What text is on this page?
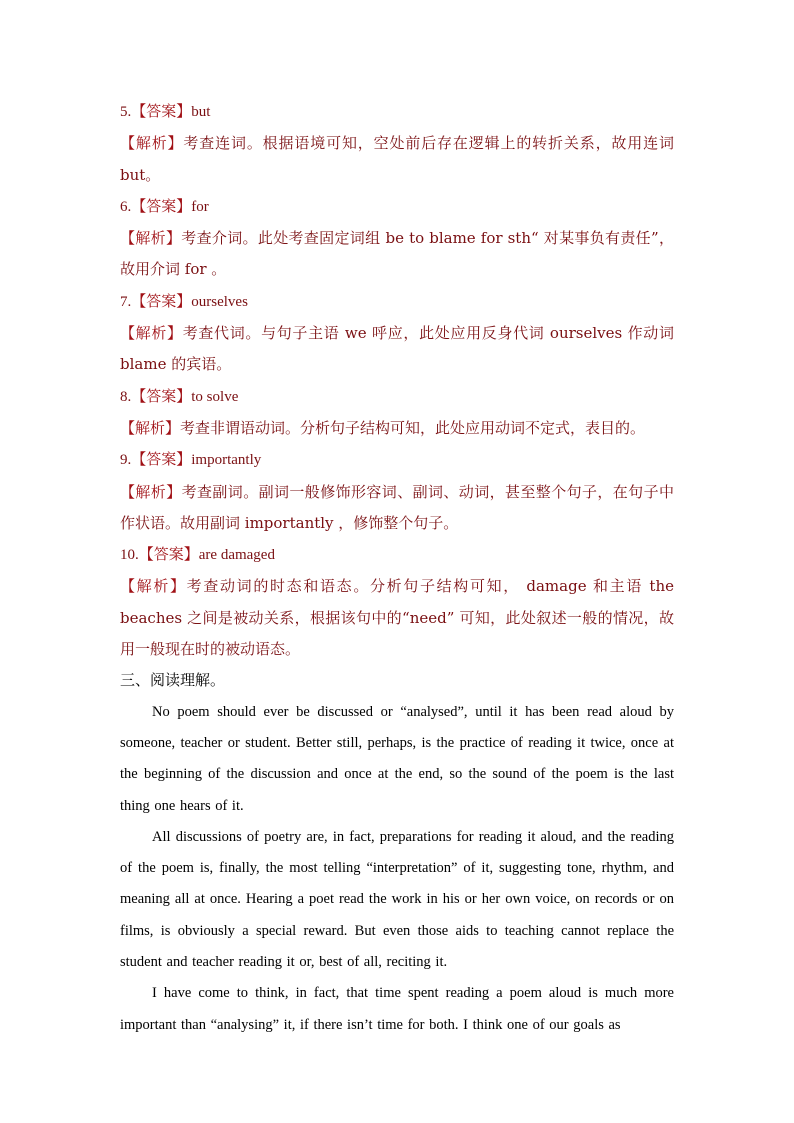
5.【答案】but
【解析】考查连词。根据语境可知，空处前后存在逻辑上的转折关系，故用连词but。
6.【答案】for
【解析】考查介词。此处考查固定词组 be to blame for sth“ 对某事负有责任”，故用介词 for 。
7.【答案】ourselves
【解析】考查代词。与句子主语 we 呼应，此处应用反身代词 ourselves 作动词 blame 的宾语。
8.【答案】to solve
【解析】考查非谓语动词。分析句子结构可知，此处应用动词不定式，表目的。
9.【答案】importantly
【解析】考查副词。副词一般修饰形容词、副词、动词，甚至整个句子，在句子中作状语。故用副词 importantly ，修饰整个句子。
10.【答案】are damaged
【解析】考查动词的时态和语态。分析句子结构可知， damage 和主语 the beaches 之间是被动关系，根据该句中的“need” 可知，此处叙述一般的情况，故用一般现在时的被动语态。
三、阅读理解。

No poem should ever be discussed or “analysed”, until it has been read aloud by someone, teacher or student. Better still, perhaps, is the practice of reading it twice, once at the beginning of the discussion and once at the end, so the sound of the poem is the last thing one hears of it.

All discussions of poetry are, in fact, preparations for reading it aloud, and the reading of the poem is, finally, the most telling “interpretation” of it, suggesting tone, rhythm, and meaning all at once. Hearing a poet read the work in his or her own voice, on records or on films, is obviously a special reward. But even those aids to teaching cannot replace the student and teacher reading it or, best of all, reciting it.

I have come to think, in fact, that time spent reading a poem aloud is much more important than “analysing” it, if there isn’t time for both. I think one of our goals as
